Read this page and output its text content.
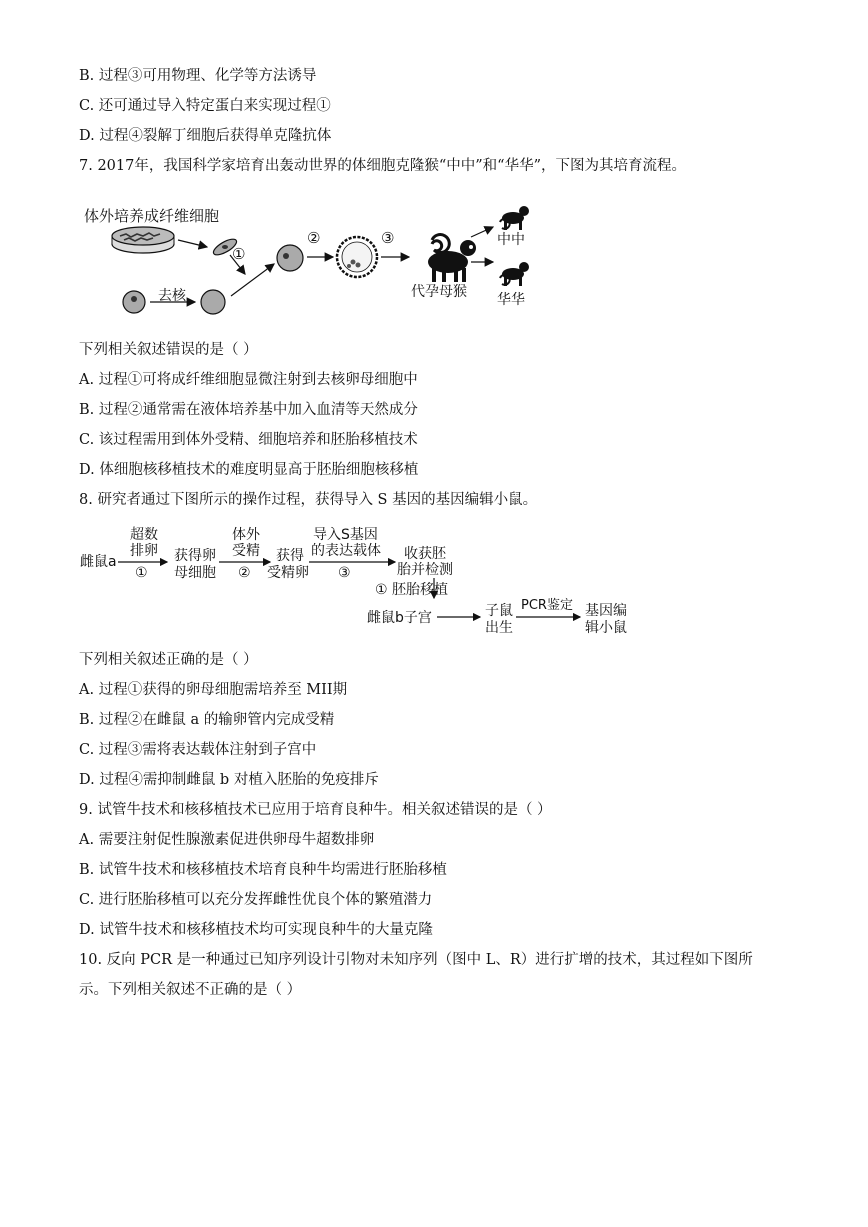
B. 过程③可用物理、化学等方法诱导
C. 还可通过导入特定蛋白来实现过程①
D. 过程④裂解丁细胞后获得单克隆抗体
7. 2017年，我国科学家培育出轰动世界的体细胞克隆猴“中中”和“华华”，下图为其培育流程。
体外培养成纤维细胞
去核
①
②	③
代孕母猴
中中
华华
下列相关叙述错误的是（ ）
A. 过程①可将成纤维细胞显微注射到去核卵母细胞中
B. 过程②通常需在液体培养基中加入血清等天然成分
C. 该过程需用到体外受精、细胞培养和胚胎移植技术
D. 体细胞核移植技术的难度明显高于胚胎细胞核移植
8. 研究者通过下图所示的操作过程，获得导入 S 基因的基因编辑小鼠。
雌鼠a
超数
排卵
①
获得卵
母细胞
体外
受精
②
获得
受精卵
导入S基因
的表达载体
③
收获胚
胎并检测
① 胚胎移植
雌鼠b子宫	子鼠
出生
PCR鉴定 基因编
辑小鼠
下列相关叙述正确的是（ ）
A. 过程①获得的卵母细胞需培养至 MII期
B. 过程②在雌鼠 a 的输卵管内完成受精
C. 过程③需将表达载体注射到子宫中
D. 过程④需抑制雌鼠 b 对植入胚胎的免疫排斥
9. 试管牛技术和核移植技术已应用于培育良种牛。相关叙述错误的是（ ）
A. 需要注射促性腺激素促进供卵母牛超数排卵
B. 试管牛技术和核移植技术培育良种牛均需进行胚胎移植
C. 进行胚胎移植可以充分发挥雌性优良个体的繁殖潜力
D. 试管牛技术和核移植技术均可实现良种牛的大量克隆
10. 反向 PCR 是一种通过已知序列设计引物对未知序列（图中 L、R）进行扩增的技术，其过程如下图所示。下列相关叙述不正确的是（ ）
